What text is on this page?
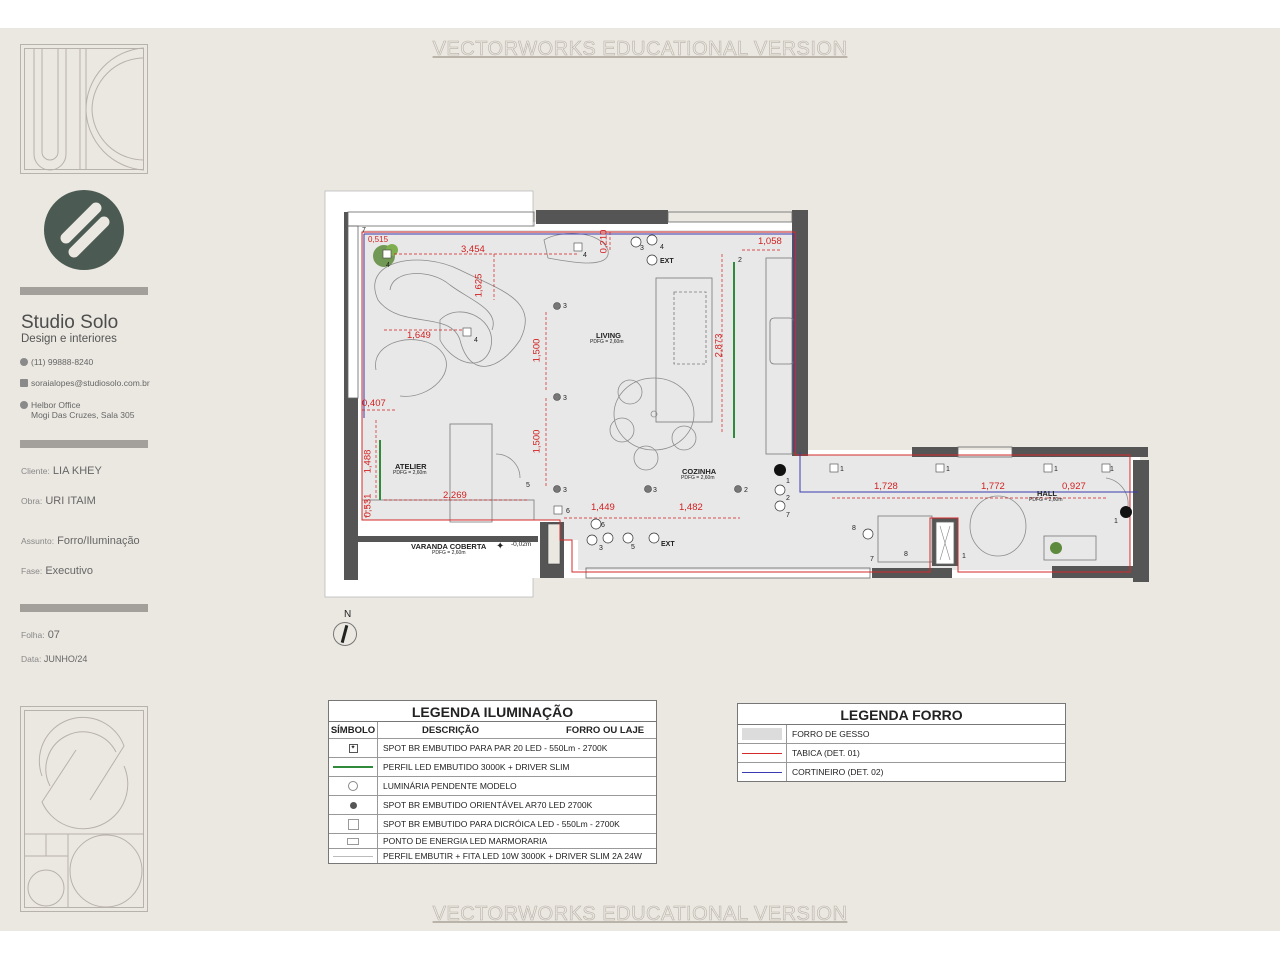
VECTORWORKS EDUCATIONAL VERSION
Studio Solo
Design e interiores
(11) 99888-8240
soraialopes@studiosolo.com.br
Helbor Office
Mogi Das Cruzes, Sala 305
Cliente: LIA KHEY
Obra: URI ITAIM
Assunto: Forro/Iluminação
Fase: Executivo
Folha: 07
Data: JUNHO/24
3
3
3	3	2
4
4
4
3 4
6
6
3	5
5
1
2
7
1	1	1	1
1
8
8	1
7
7
2
LIVING
PDFG = 2,60m
ATELIER
PDFG = 2,60m	COZINHA
PDFG = 2,60m
HALL
PDFG = 2,60m
VARANDA COBERTA
PDFG = 2,60m
-0,02m
✦
EXT
EXT
3,454
1,625
1,649
1,500
1,500
2,873
1,058
0,210
0,407
1,488
0,531	2,269
1,449	1,482
1,728	1,772	0,927
0,515
N
LEGENDA ILUMINAÇÃO
SÍMBOLO	DESCRIÇÃO	FORRO OU LAJE
✦	SPOT BR EMBUTIDO PARA PAR 20 LED - 550Lm - 2700K
PERFIL LED EMBUTIDO 3000K + DRIVER SLIM
LUMINÁRIA PENDENTE MODELO
SPOT BR EMBUTIDO ORIENTÁVEL AR70 LED 2700K
SPOT BR EMBUTIDO PARA DICRÓICA LED - 550Lm - 2700K
PONTO DE ENERGIA LED MARMORARIA
PERFIL EMBUTIR + FITA LED 10W 3000K + DRIVER SLIM 2A 24W
LEGENDA FORRO
FORRO DE GESSO
TABICA (DET. 01)
CORTINEIRO (DET. 02)
VECTORWORKS EDUCATIONAL VERSION
